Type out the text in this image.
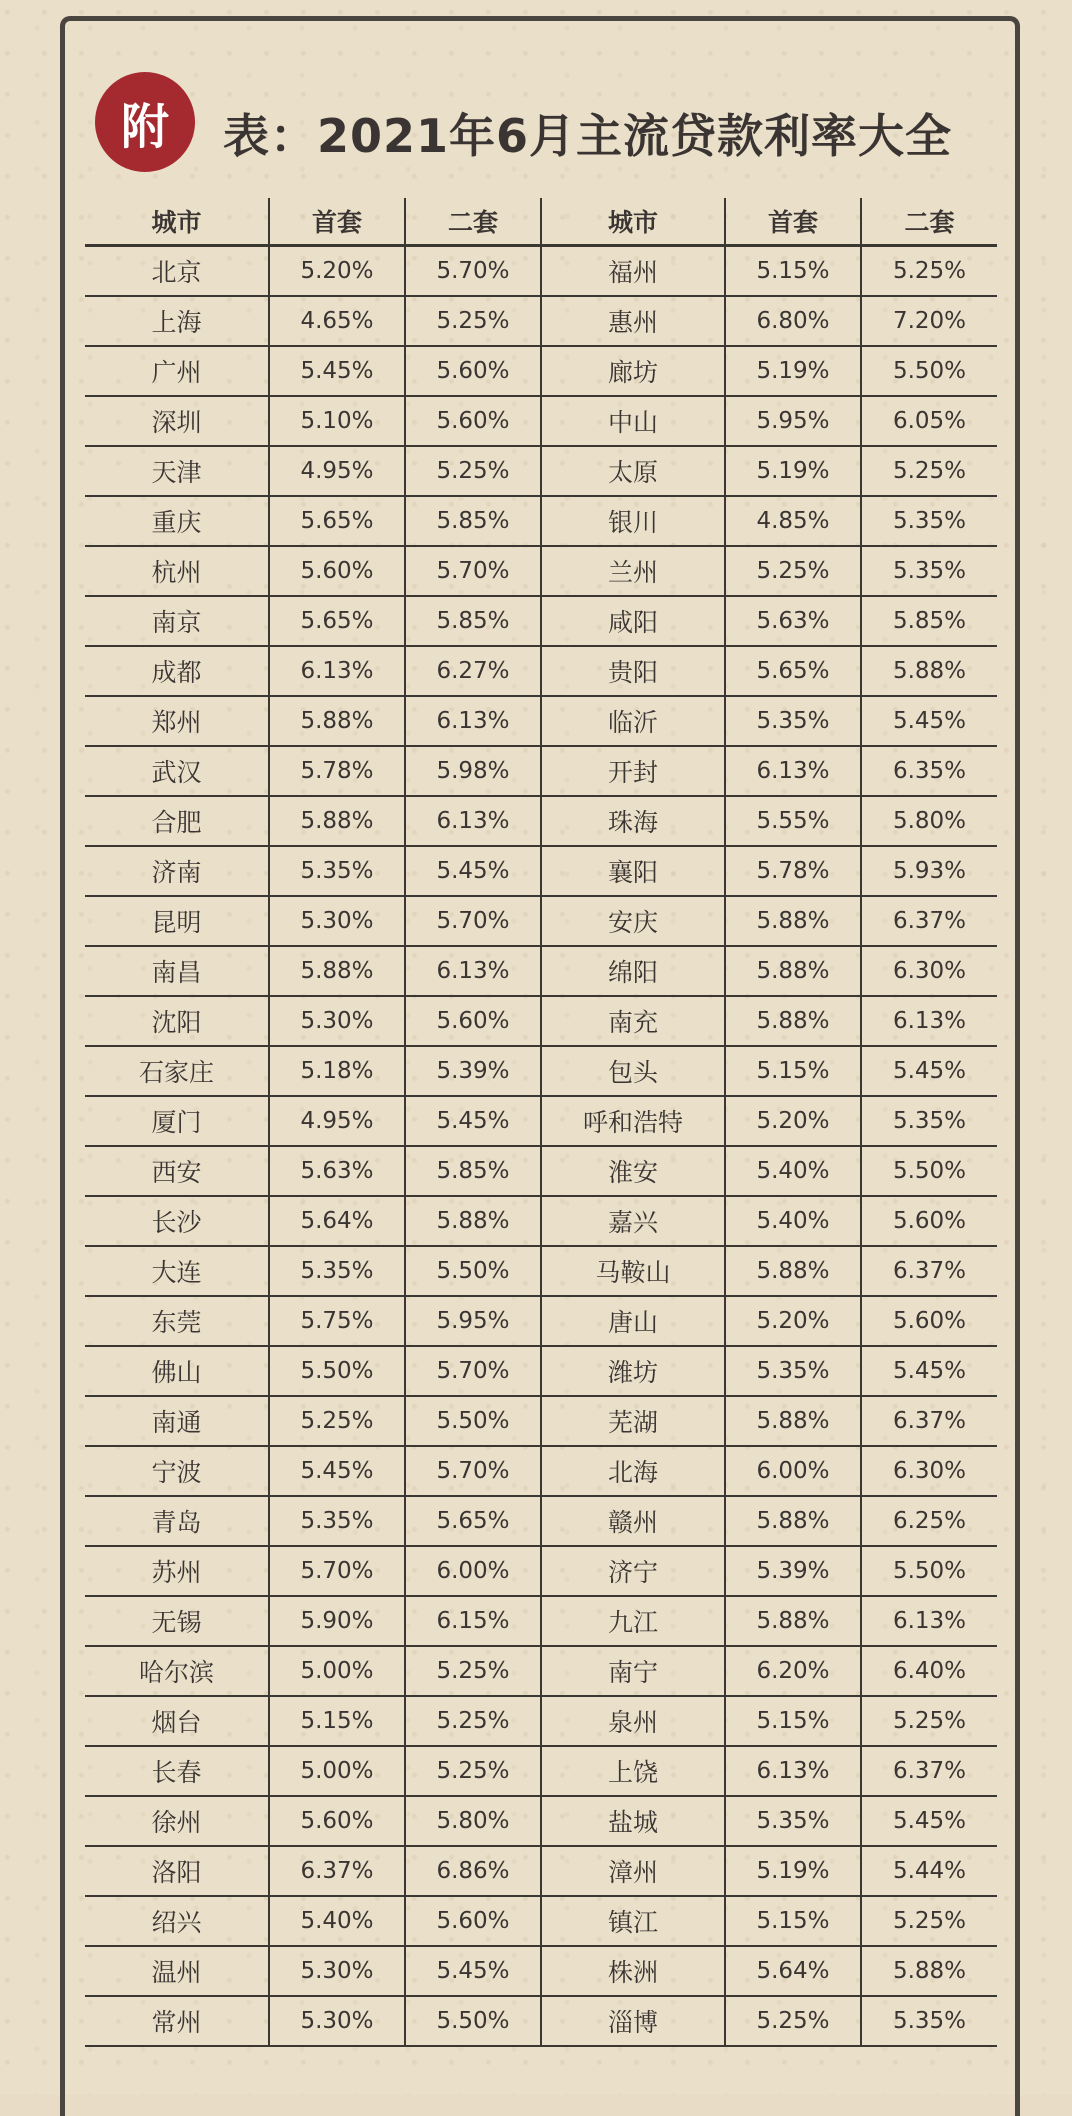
附	表：2021年6月主流贷款利率大全
城市	首套	二套	城市	首套	二套
北京	5.20%	5.70%	福州	5.15%	5.25%
上海	4.65%	5.25%	惠州	6.80%	7.20%
广州	5.45%	5.60%	廊坊	5.19%	5.50%
深圳	5.10%	5.60%	中山	5.95%	6.05%
天津	4.95%	5.25%	太原	5.19%	5.25%
重庆	5.65%	5.85%	银川	4.85%	5.35%
杭州	5.60%	5.70%	兰州	5.25%	5.35%
南京	5.65%	5.85%	咸阳	5.63%	5.85%
成都	6.13%	6.27%	贵阳	5.65%	5.88%
郑州	5.88%	6.13%	临沂	5.35%	5.45%
武汉	5.78%	5.98%	开封	6.13%	6.35%
合肥	5.88%	6.13%	珠海	5.55%	5.80%
济南	5.35%	5.45%	襄阳	5.78%	5.93%
昆明	5.30%	5.70%	安庆	5.88%	6.37%
南昌	5.88%	6.13%	绵阳	5.88%	6.30%
沈阳	5.30%	5.60%	南充	5.88%	6.13%
石家庄	5.18%	5.39%	包头	5.15%	5.45%
厦门	4.95%	5.45%	呼和浩特	5.20%	5.35%
西安	5.63%	5.85%	淮安	5.40%	5.50%
长沙	5.64%	5.88%	嘉兴	5.40%	5.60%
大连	5.35%	5.50%	马鞍山	5.88%	6.37%
东莞	5.75%	5.95%	唐山	5.20%	5.60%
佛山	5.50%	5.70%	潍坊	5.35%	5.45%
南通	5.25%	5.50%	芜湖	5.88%	6.37%
宁波	5.45%	5.70%	北海	6.00%	6.30%
青岛	5.35%	5.65%	赣州	5.88%	6.25%
苏州	5.70%	6.00%	济宁	5.39%	5.50%
无锡	5.90%	6.15%	九江	5.88%	6.13%
哈尔滨	5.00%	5.25%	南宁	6.20%	6.40%
烟台	5.15%	5.25%	泉州	5.15%	5.25%
长春	5.00%	5.25%	上饶	6.13%	6.37%
徐州	5.60%	5.80%	盐城	5.35%	5.45%
洛阳	6.37%	6.86%	漳州	5.19%	5.44%
绍兴	5.40%	5.60%	镇江	5.15%	5.25%
温州	5.30%	5.45%	株洲	5.64%	5.88%
常州	5.30%	5.50%	淄博	5.25%	5.35%
